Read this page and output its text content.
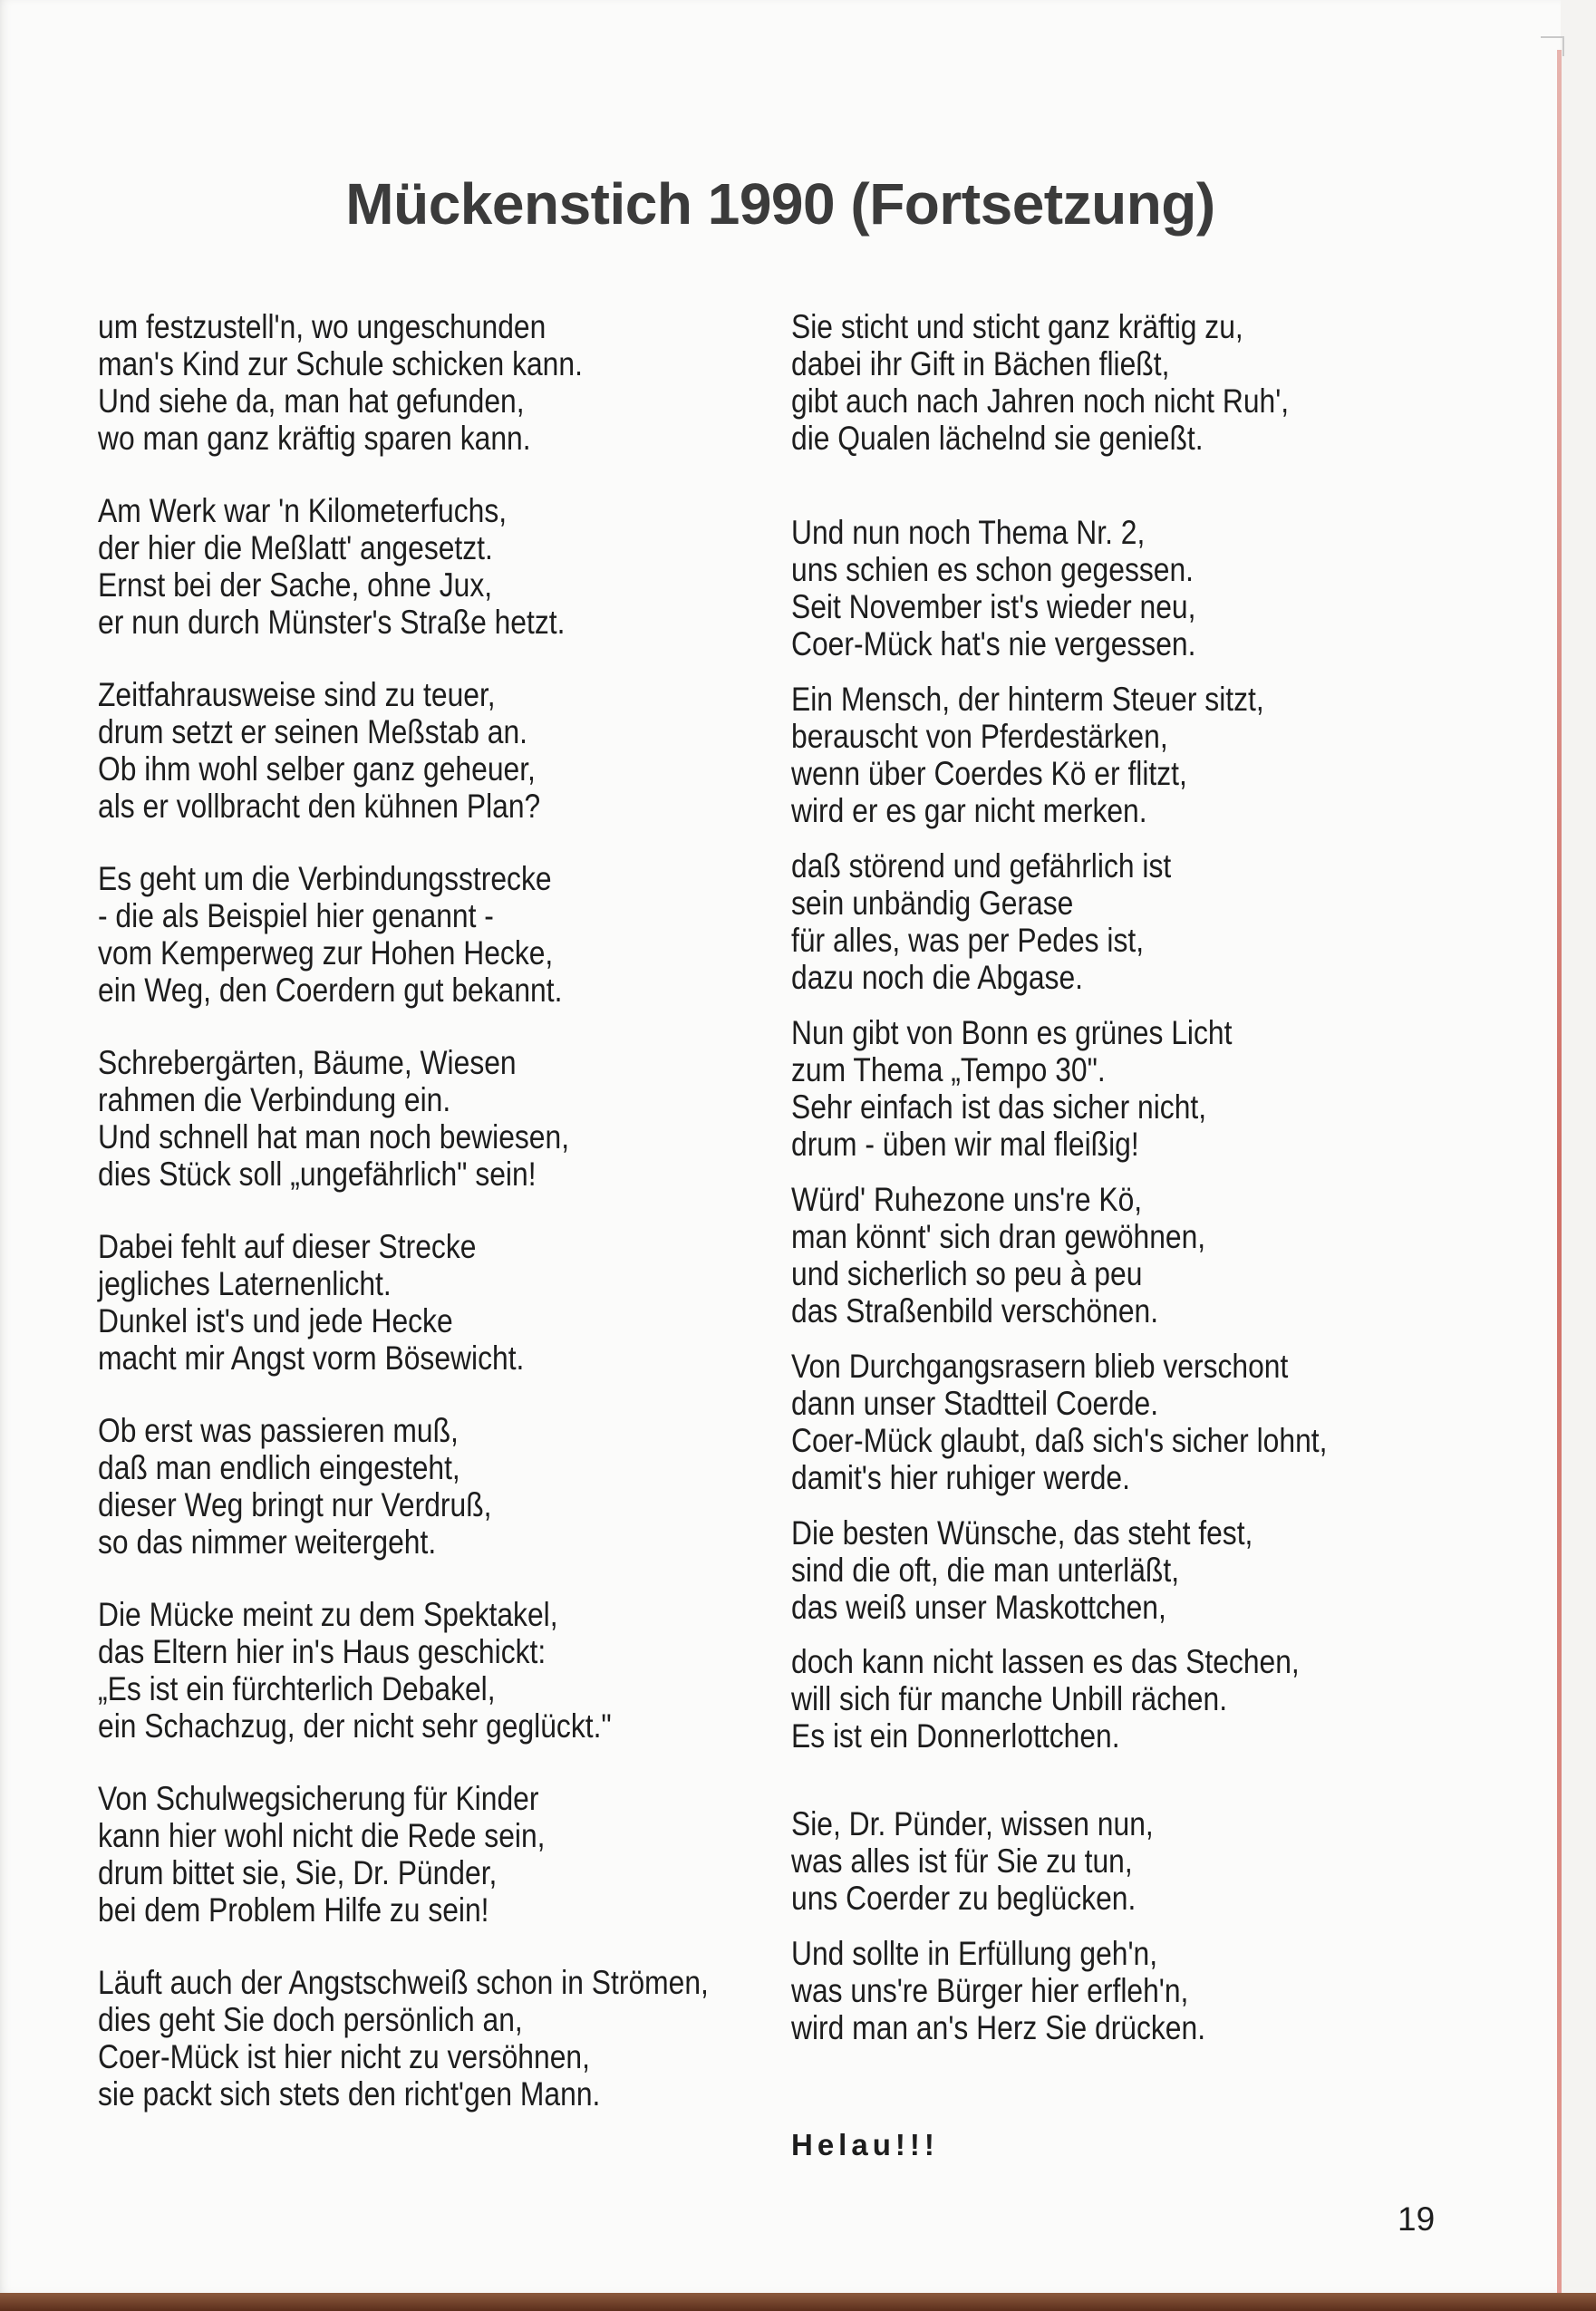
Mückenstich 1990 (Fortsetzung)
um festzustell'n, wo ungeschunden
man's Kind zur Schule schicken kann.
Und siehe da, man hat gefunden,
wo man ganz kräftig sparen kann.
Am Werk war 'n Kilometerfuchs,
der hier die Meßlatt' angesetzt.
Ernst bei der Sache, ohne Jux,
er nun durch Münster's Straße hetzt.
Zeitfahrausweise sind zu teuer,
drum setzt er seinen Meßstab an.
Ob ihm wohl selber ganz geheuer,
als er vollbracht den kühnen Plan?
Es geht um die Verbindungsstrecke
- die als Beispiel hier genannt -
vom Kemperweg zur Hohen Hecke,
ein Weg, den Coerdern gut bekannt.
Schrebergärten, Bäume, Wiesen
rahmen die Verbindung ein.
Und schnell hat man noch bewiesen,
dies Stück soll „ungefährlich" sein!
Dabei fehlt auf dieser Strecke
jegliches Laternenlicht.
Dunkel ist's und jede Hecke
macht mir Angst vorm Bösewicht.
Ob erst was passieren muß,
daß man endlich eingesteht,
dieser Weg bringt nur Verdruß,
so das nimmer weitergeht.
Die Mücke meint zu dem Spektakel,
das Eltern hier in's Haus geschickt:
„Es ist ein fürchterlich Debakel,
ein Schachzug, der nicht sehr geglückt."
Von Schulwegsicherung für Kinder
kann hier wohl nicht die Rede sein,
drum bittet sie, Sie, Dr. Pünder,
bei dem Problem Hilfe zu sein!
Läuft auch der Angstschweiß schon in Strömen,
dies geht Sie doch persönlich an,
Coer-Mück ist hier nicht zu versöhnen,
sie packt sich stets den richt'gen Mann.
Sie sticht und sticht ganz kräftig zu,
dabei ihr Gift in Bächen fließt,
gibt auch nach Jahren noch nicht Ruh',
die Qualen lächelnd sie genießt.
Und nun noch Thema Nr. 2,
uns schien es schon gegessen.
Seit November ist's wieder neu,
Coer-Mück hat's nie vergessen.
Ein Mensch, der hinterm Steuer sitzt,
berauscht von Pferdestärken,
wenn über Coerdes Kö er flitzt,
wird er es gar nicht merken.
daß störend und gefährlich ist
sein unbändig Gerase
für alles, was per Pedes ist,
dazu noch die Abgase.
Nun gibt von Bonn es grünes Licht
zum Thema „Tempo 30".
Sehr einfach ist das sicher nicht,
drum - üben wir mal fleißig!
Würd' Ruhezone uns're Kö,
man könnt' sich dran gewöhnen,
und sicherlich so peu à peu
das Straßenbild verschönen.
Von Durchgangsrasern blieb verschont
dann unser Stadtteil Coerde.
Coer-Mück glaubt, daß sich's sicher lohnt,
damit's hier ruhiger werde.
Die besten Wünsche, das steht fest,
sind die oft, die man unterläßt,
das weiß unser Maskottchen,
doch kann nicht lassen es das Stechen,
will sich für manche Unbill rächen.
Es ist ein Donnerlottchen.
Sie, Dr. Pünder, wissen nun,
was alles ist für Sie zu tun,
uns Coerder zu beglücken.
Und sollte in Erfüllung geh'n,
was uns're Bürger hier erfleh'n,
wird man an's Herz Sie drücken.
Helau!!!
19
